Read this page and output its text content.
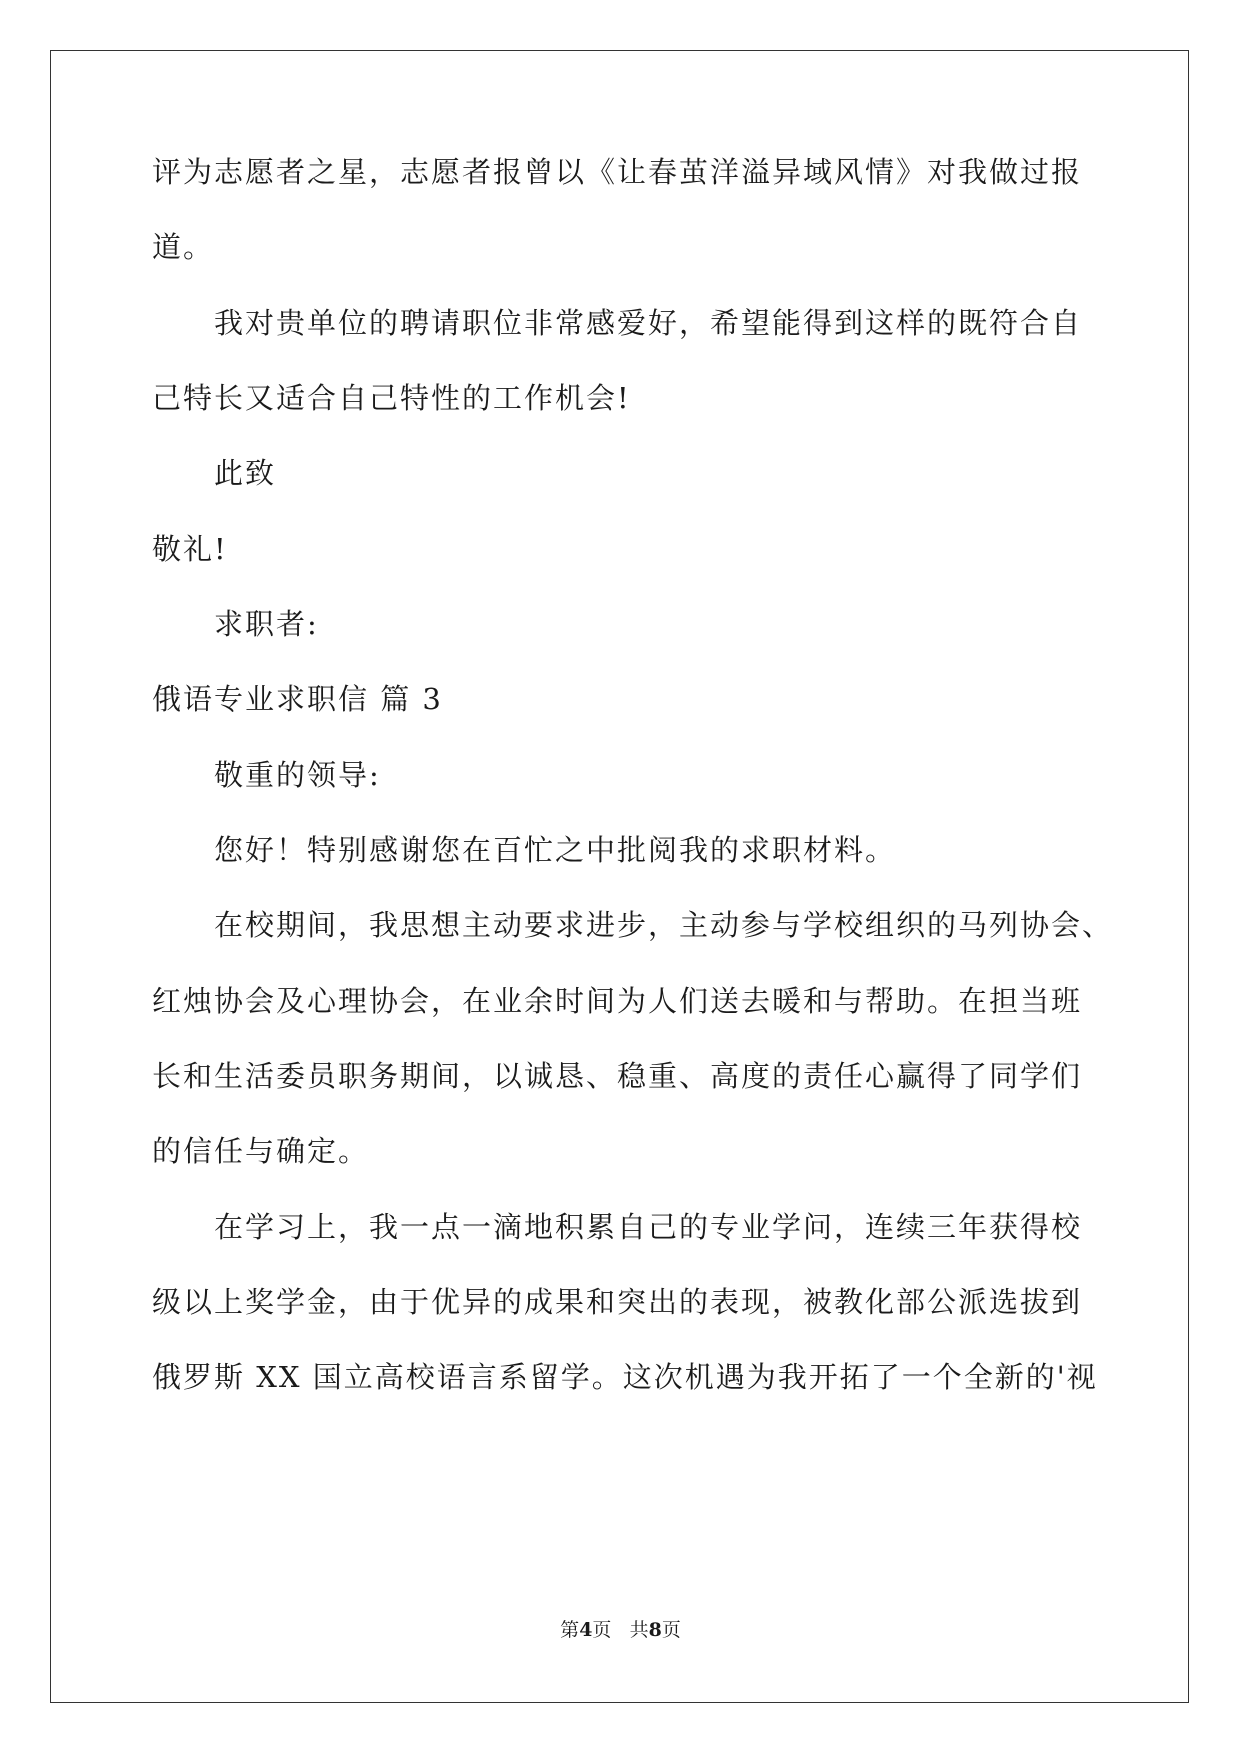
评为志愿者之星，志愿者报曾以《让春茧洋溢异域风情》对我做过报
道。
我对贵单位的聘请职位非常感爱好，希望能得到这样的既符合自
己特长又适合自己特性的工作机会!
此致
敬礼!
求职者:
俄语专业求职信 篇 3
敬重的领导:
您好！特别感谢您在百忙之中批阅我的求职材料。
在校期间，我思想主动要求进步，主动参与学校组织的马列协会、
红烛协会及心理协会，在业余时间为人们送去暖和与帮助。在担当班
长和生活委员职务期间，以诚恳、稳重、高度的责任心赢得了同学们
的信任与确定。
在学习上，我一点一滴地积累自己的专业学问，连续三年获得校
级以上奖学金，由于优异的成果和突出的表现，被教化部公派选拔到
俄罗斯 XX 国立高校语言系留学。这次机遇为我开拓了一个全新的'视
第4页 共8页
